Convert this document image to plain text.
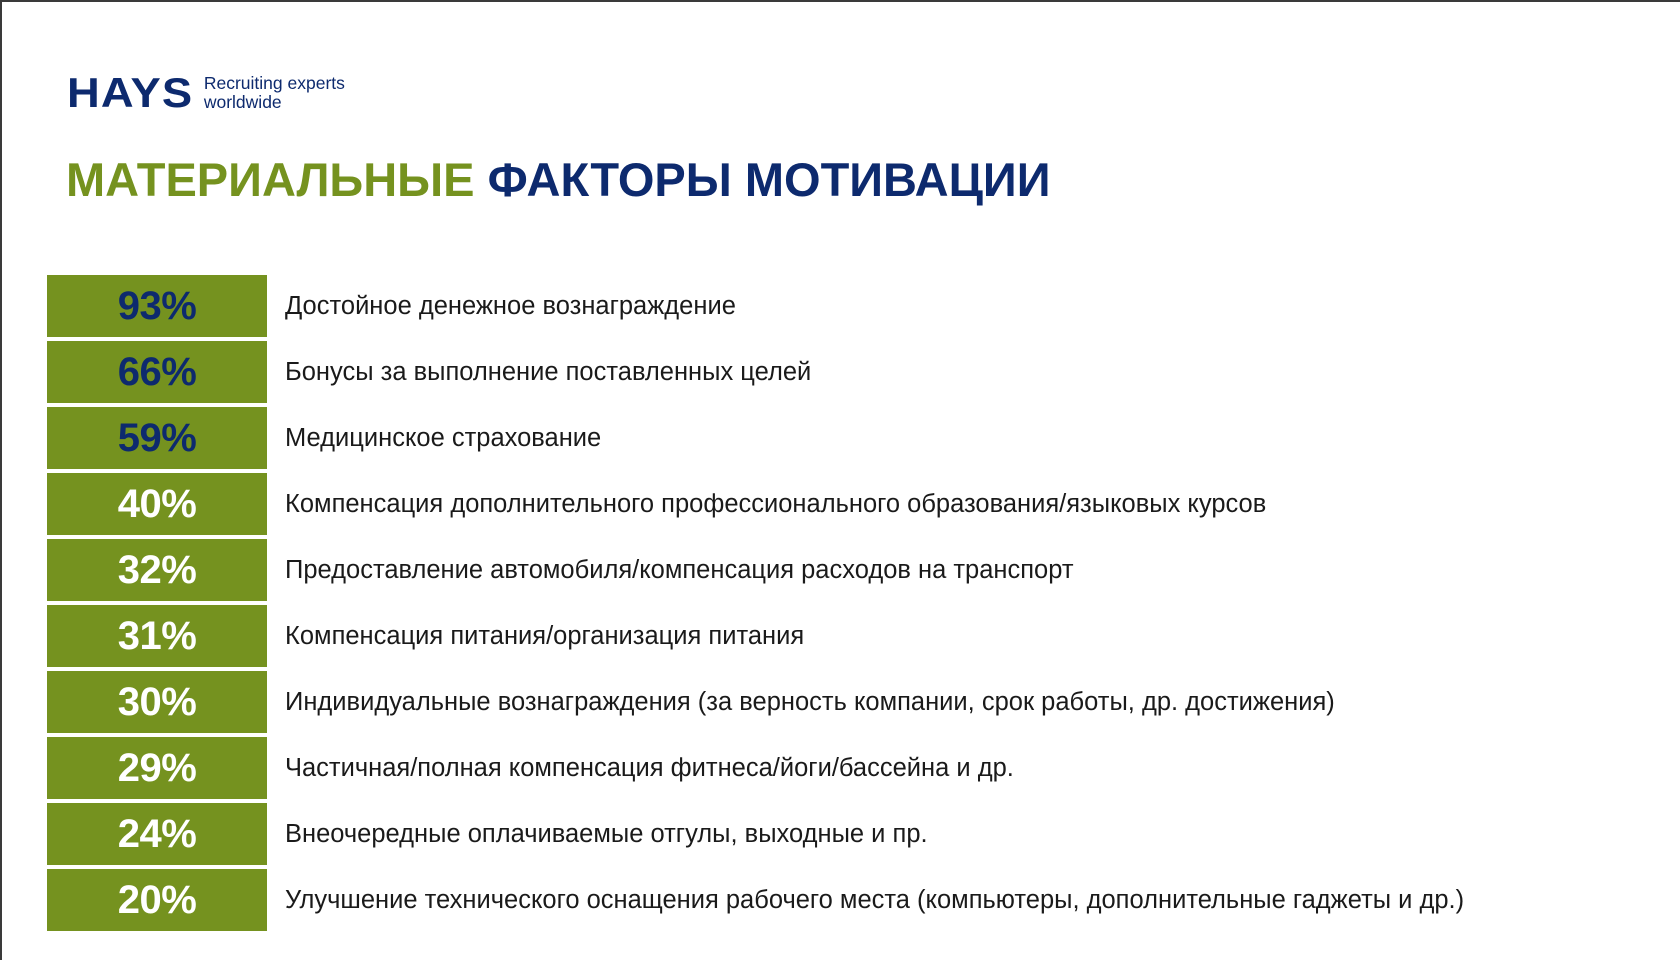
HAYS Recruiting experts
worldwide
МАТЕРИАЛЬНЫЕ ФАКТОРЫ МОТИВАЦИИ
93%	Достойное денежное вознаграждение
66%	Бонусы за выполнение поставленных целей
59%	Медицинское страхование
40%	Компенсация дополнительного профессионального образования/языковых курсов
32%	Предоставление автомобиля/компенсация расходов на транспорт
31%	Компенсация питания/организация питания
30%	Индивидуальные вознаграждения (за верность компании, срок работы, др. достижения)
29%	Частичная/полная компенсация фитнеса/йоги/бассейна и др.
24%	Внеочередные оплачиваемые отгулы, выходные и пр.
20%	Улучшение технического оснащения рабочего места (компьютеры, дополнительные гаджеты и др.)
